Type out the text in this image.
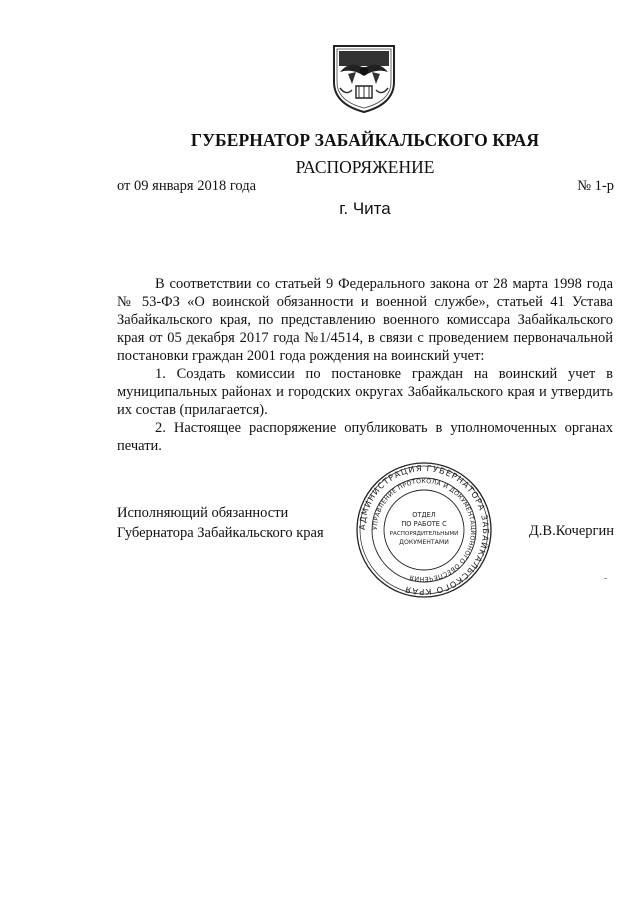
ГУБЕРНАТОР ЗАБАЙКАЛЬСКОГО КРАЯ
РАСПОРЯЖЕНИЕ
от 09 января 2018 года	№ 1-р
г. Чита

В соответствии со статьей 9 Федерального закона от 28 марта 1998 года № 53-ФЗ «О воинской обязанности и военной службе», статьей 41 Устава Забайкальского края, по представлению военного комиссара Забайкальского края от 05 декабря 2017 года №1/4514, в связи с проведением первоначальной постановки граждан 2001 года рождения на воинский учет:

1. Создать комиссии по постановке граждан на воинский учет в муниципальных районах и городских округах Забайкальского края и утвердить их состав (прилагается).

2. Настоящее распоряжение опубликовать в уполномоченных органах печати.

Исполняющий обязанности
Губернатора Забайкальского края	Д.В.Кочергин
АДМИНИСТРАЦИЯ ГУБЕРНАТОРА ЗАБАЙКАЛЬСКОГО КРАЯ
УПРАВЛЕНИЕ ПРОТОКОЛА И ДОКУМЕНТАЦИОННОГО ОБЕСПЕЧЕНИЯ
ОТДЕЛ
ПО РАБОТЕ С
РАСПОРЯДИТЕЛЬНЫМИ
ДОКУМЕНТАМИ
